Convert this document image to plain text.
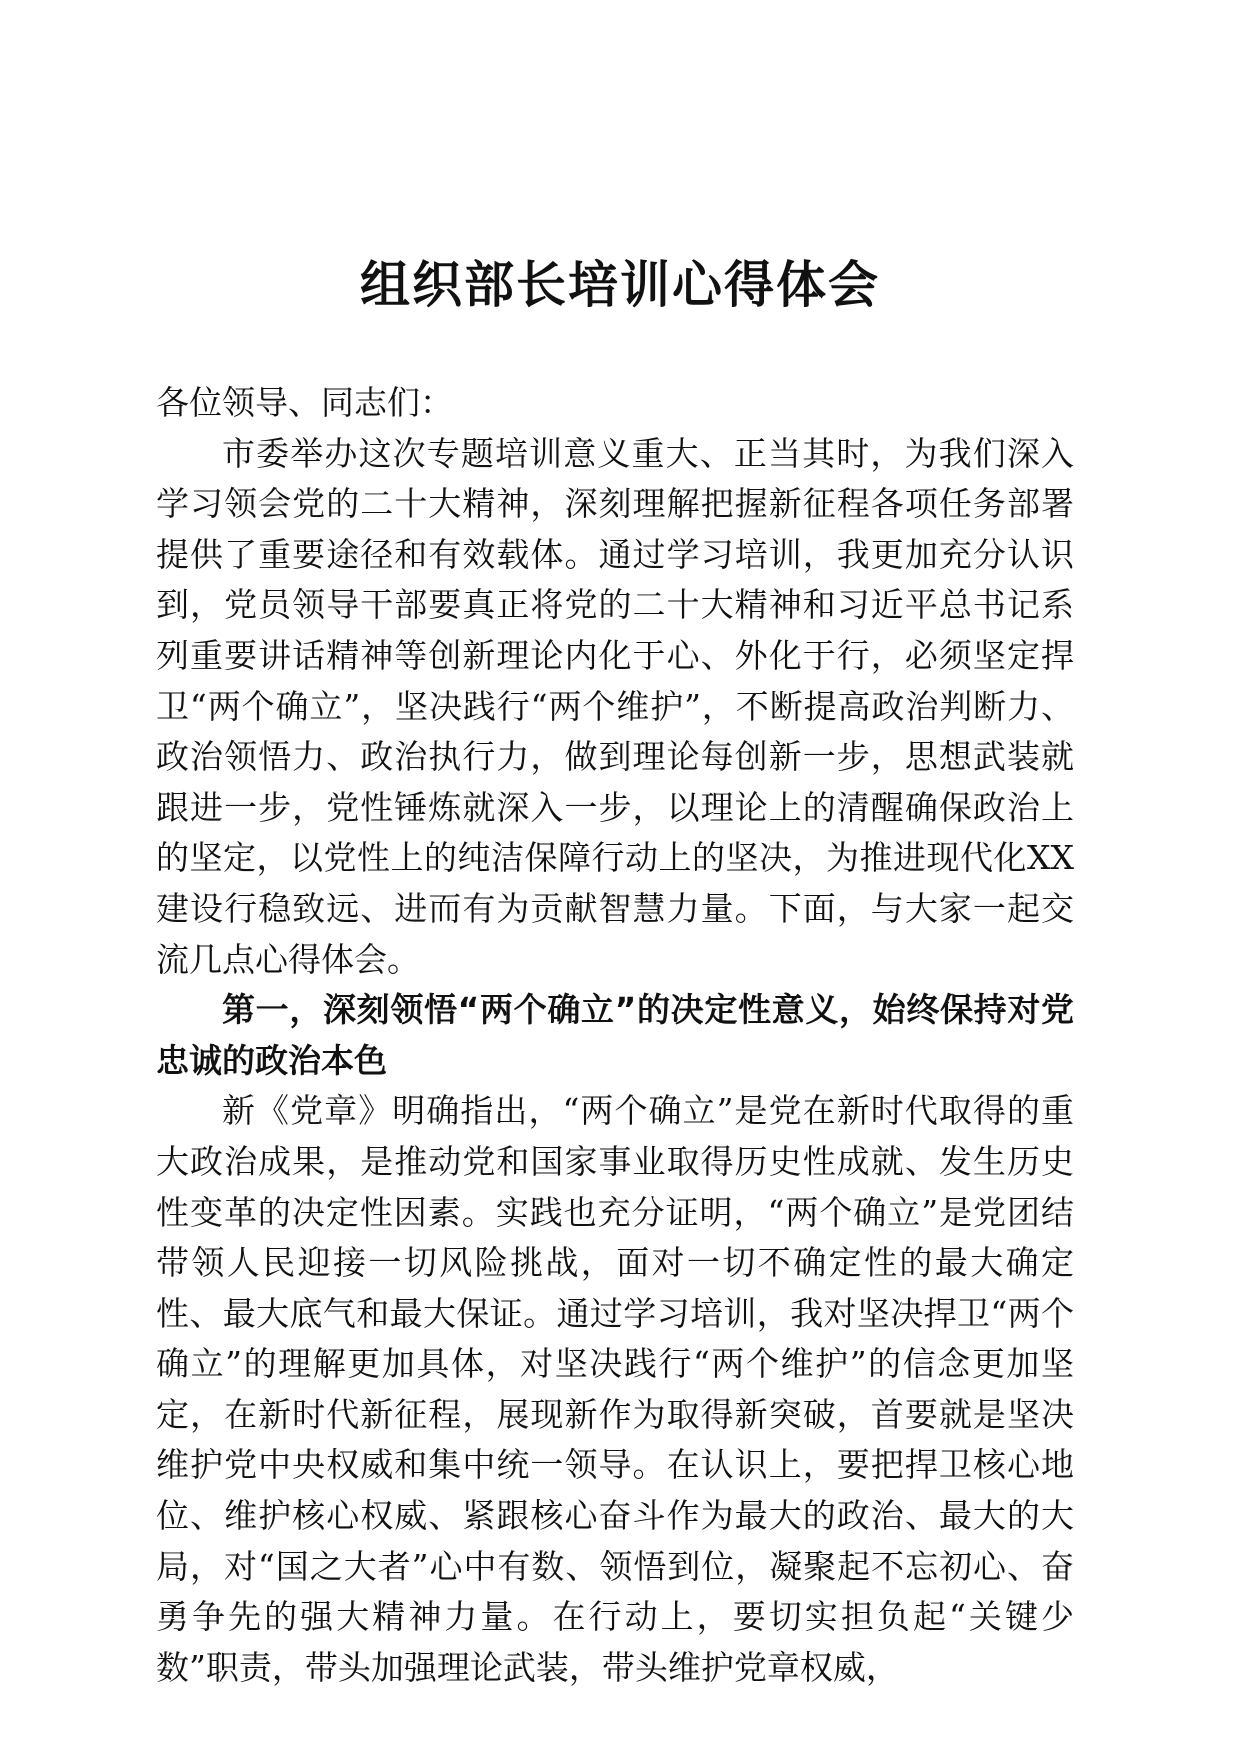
组织部长培训心得体会

各位领导、同志们：

市委举办这次专题培训意义重大、正当其时，为我们深入学习领会党的二十大精神，深刻理解把握新征程各项任务部署提供了重要途径和有效载体。通过学习培训，我更加充分认识到，党员领导干部要真正将党的二十大精神和习近平总书记系列重要讲话精神等创新理论内化于心、外化于行，必须坚定捍卫“两个确立”，坚决践行“两个维护”，不断提高政治判断力、政治领悟力、政治执行力，做到理论每创新一步，思想武装就跟进一步，党性锤炼就深入一步，以理论上的清醒确保政治上的坚定，以党性上的纯洁保障行动上的坚决，为推进现代化XX建设行稳致远、进而有为贡献智慧力量。下面，与大家一起交流几点心得体会。

第一，深刻领悟“两个确立”的决定性意义，始终保持对党忠诚的政治本色

新《党章》明确指出，“两个确立”是党在新时代取得的重大政治成果，是推动党和国家事业取得历史性成就、发生历史性变革的决定性因素。实践也充分证明，“两个确立”是党团结带领人民迎接一切风险挑战，面对一切不确定性的最大确定性、最大底气和最大保证。通过学习培训，我对坚决捍卫“两个确立”的理解更加具体，对坚决践行“两个维护”的信念更加坚定，在新时代新征程，展现新作为取得新突破，首要就是坚决维护党中央权威和集中统一领导。在认识上，要把捍卫核心地位、维护核心权威、紧跟核心奋斗作为最大的政治、最大的大局，对“国之大者”心中有数、领悟到位，凝聚起不忘初心、奋勇争先的强大精神力量。在行动上，要切实担负起“关键少数”职责，带头加强理论武装，带头维护党章权威，
